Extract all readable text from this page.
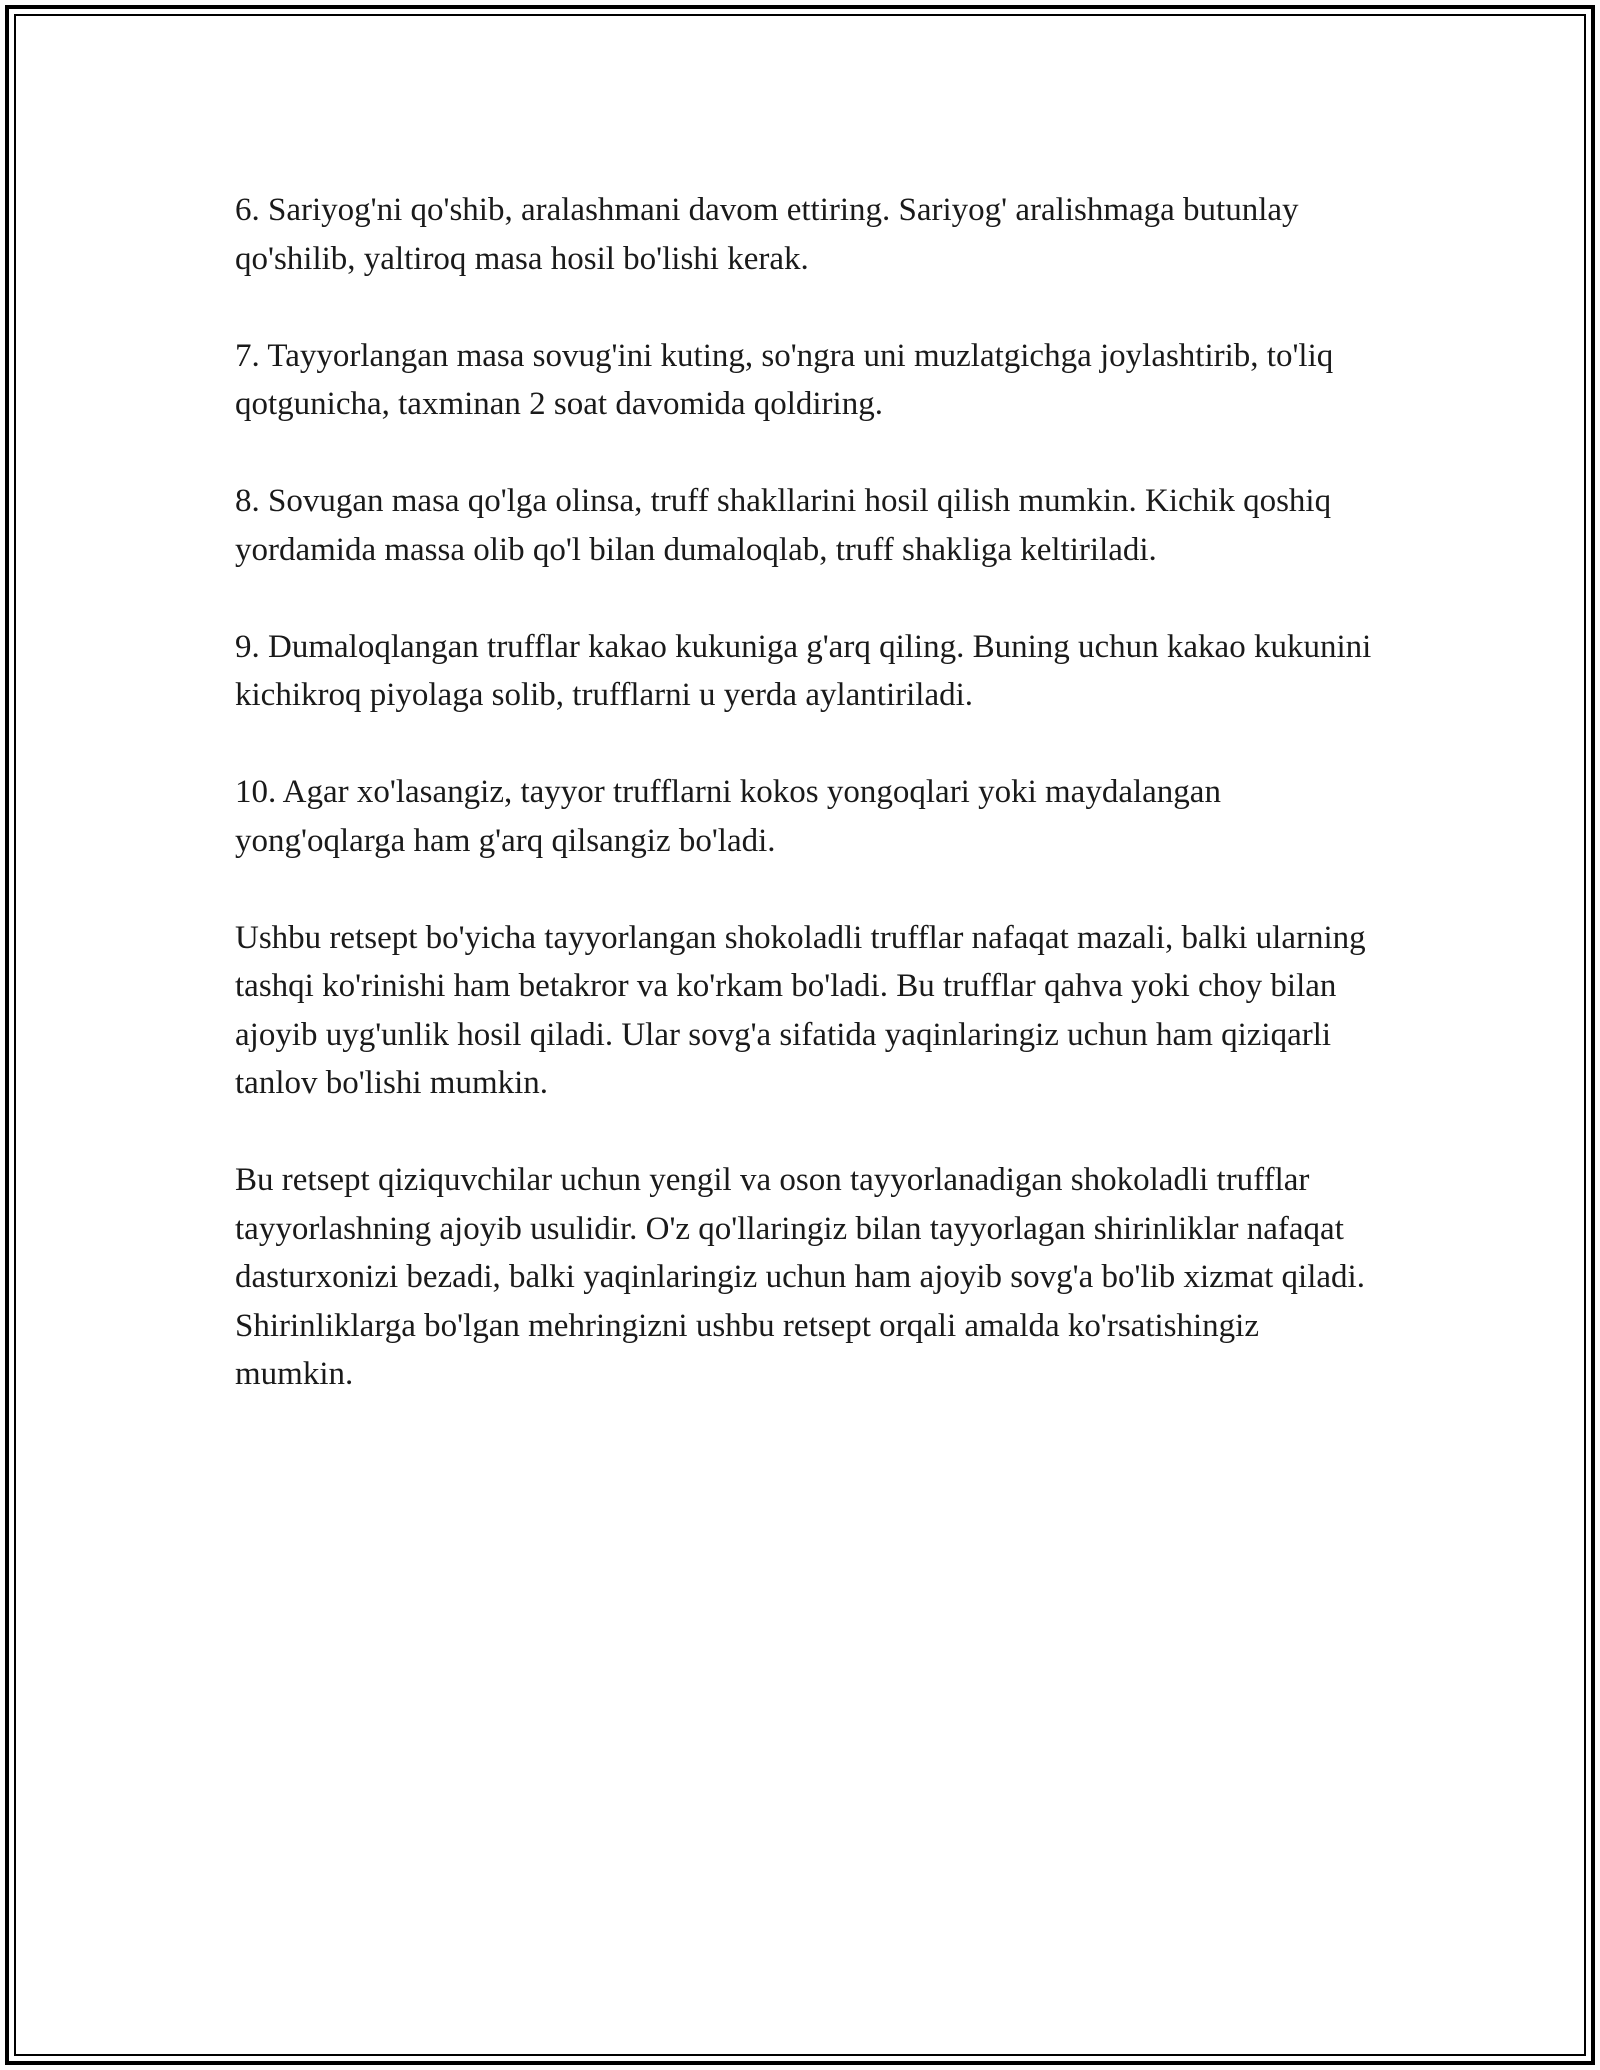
6. Sariyog'ni qo'shib, aralashmani davom ettiring. Sariyog' aralishmaga butunlay qo'shilib, yaltiroq masa hosil bo'lishi kerak.

7. Tayyorlangan masa sovug'ini kuting, so'ngra uni muzlatgichga joylashtirib, to'liq qotgunicha, taxminan 2 soat davomida qoldiring.

8. Sovugan masa qo'lga olinsa, truff shakllarini hosil qilish mumkin. Kichik qoshiq yordamida massa olib qo'l bilan dumaloqlab, truff shakliga keltiriladi.

9. Dumaloqlangan trufflar kakao kukuniga g'arq qiling. Buning uchun kakao kukunini kichikroq piyolaga solib, trufflarni u yerda aylantiriladi.

10. Agar xo'lasangiz, tayyor trufflarni kokos yongoqlari yoki maydalangan yong'oqlarga ham g'arq qilsangiz bo'ladi.

Ushbu retsept bo'yicha tayyorlangan shokoladli trufflar nafaqat mazali, balki ularning tashqi ko'rinishi ham betakror va ko'rkam bo'ladi. Bu trufflar qahva yoki choy bilan ajoyib uyg'unlik hosil qiladi. Ular sovg'a sifatida yaqinlaringiz uchun ham qiziqarli tanlov bo'lishi mumkin.

Bu retsept qiziquvchilar uchun yengil va oson tayyorlanadigan shokoladli trufflar tayyorlashning ajoyib usulidir. O'z qo'llaringiz bilan tayyorlagan shirinliklar nafaqat dasturxonizi bezadi, balki yaqinlaringiz uchun ham ajoyib sovg'a bo'lib xizmat qiladi. Shirinliklarga bo'lgan mehringizni ushbu retsept orqali amalda ko'rsatishingiz mumkin.
